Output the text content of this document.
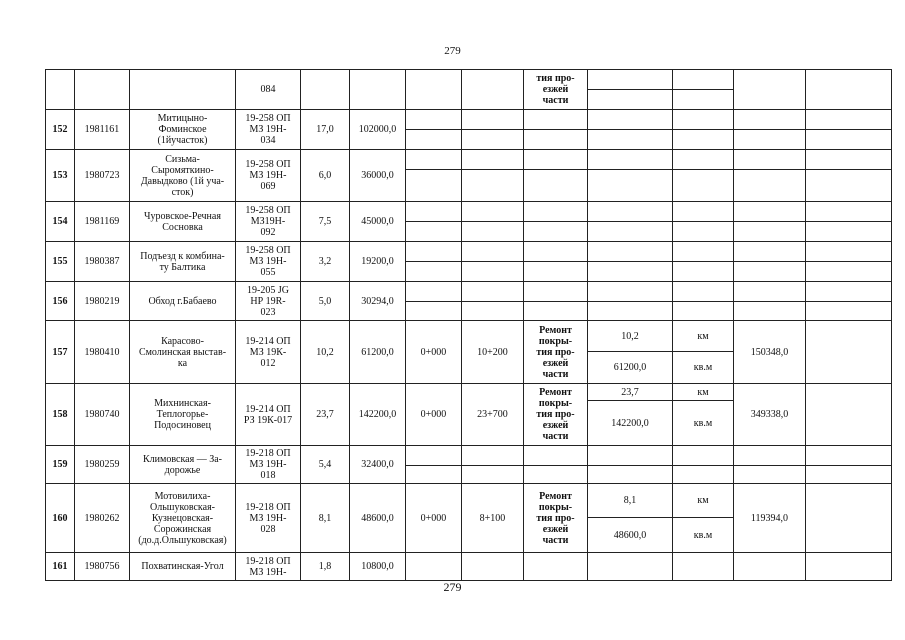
279
			084					тия про-
езжей
части				

152	1981161	Митицыно-
Фоминское
(1йучасток)	19-258 ОП
МЗ 19Н-
034	17,0	102000,0							

153	1980723	Сизьма-
Сыромяткино-
Давыдково (1й уча-
сток)	19-258 ОП
МЗ 19Н-
069	6,0	36000,0							

154	1981169	Чуровское-Речная
Сосновка	19-258 ОП
МЗ19Н-
092	7,5	45000,0							

155	1980387	Подъезд к комбина-
ту Балтика	19-258 ОП
МЗ 19Н-
055	3,2	19200,0							

156	1980219	Обход г.Бабаево	19-205 JG
НР 19R-
023	5,0	30294,0							

157	1980410	Карасово-
Смолинская выстав-
ка	19-214 ОП
МЗ 19К-
012	10,2	61200,0	0+000	10+200	Ремонт
покры-
тия про-
езжей
части	10,2	км	150348,0	
									61200,0	кв.м		
158	1980740	Михнинская-
Теплогорье-
Подосиновец	19-214 ОП
РЗ 19К-017	23,7	142200,0	0+000	23+700	Ремонт
покры-
тия про-
езжей
части	23,7	км	349338,0	
									142200,0	кв.м		
159	1980259	Климовская — За-
дорожье	19-218 ОП
МЗ 19Н-
018	5,4	32400,0							

160	1980262	Мотовилиха-
Ольшуковская-
Кузнецовская-
Сорожинская
(до.д.Ольшуковская)	19-218 ОП
МЗ 19Н-
028	8,1	48600,0	0+000	8+100	Ремонт
покры-
тия про-
езжей
части	8,1	км	119394,0	
									48600,0	кв.м		
161	1980756	Похватинская-Угол	19-218 ОП
МЗ 19Н-	1,8	10800,0							
279
